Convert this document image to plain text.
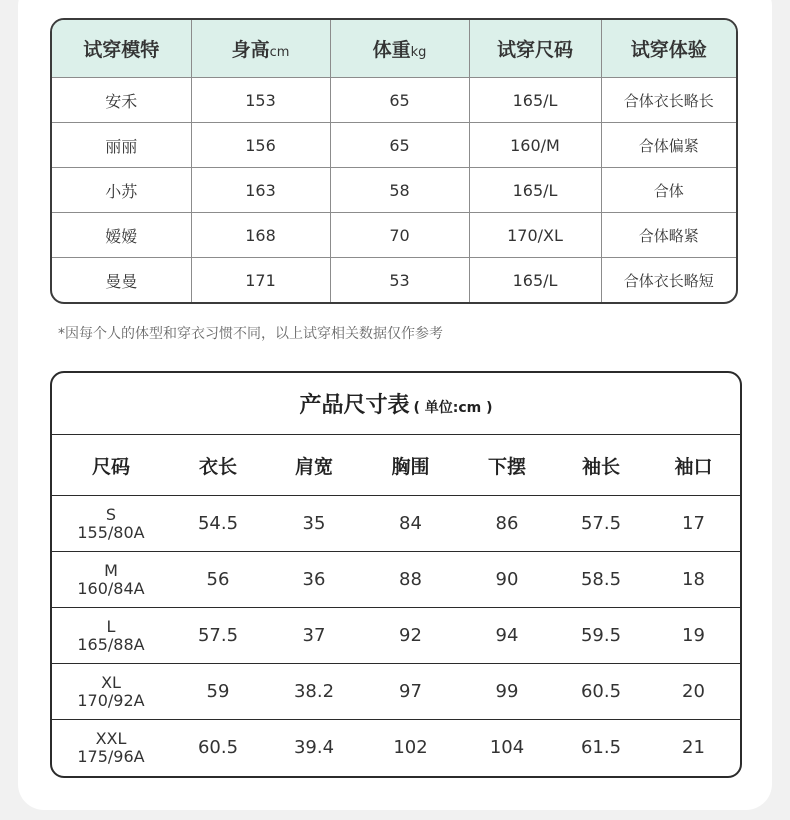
试穿模特	身高cm	体重kg	试穿尺码	试穿体验
安禾	153	65	165/L	合体衣长略长
丽丽	156	65	160/M	合体偏紧
小苏	163	58	165/L	合体
嫒嫒	168	70	170/XL	合体略紧
曼曼	171	53	165/L	合体衣长略短
*因每个人的体型和穿衣习惯不同，以上试穿相关数据仅作参考
产品尺寸表 ( 单位:cm )
尺码	衣长	肩宽	胸围	下摆	袖长	袖口

S
155/80A	54.5	35	84	86	57.5	17

M
160/84A	56	36	88	90	58.5	18

L
165/88A	57.5	37	92	94	59.5	19

XL
170/92A	59	38.2	97	99	60.5	20

XXL
175/96A	60.5	39.4	102	104	61.5	21
